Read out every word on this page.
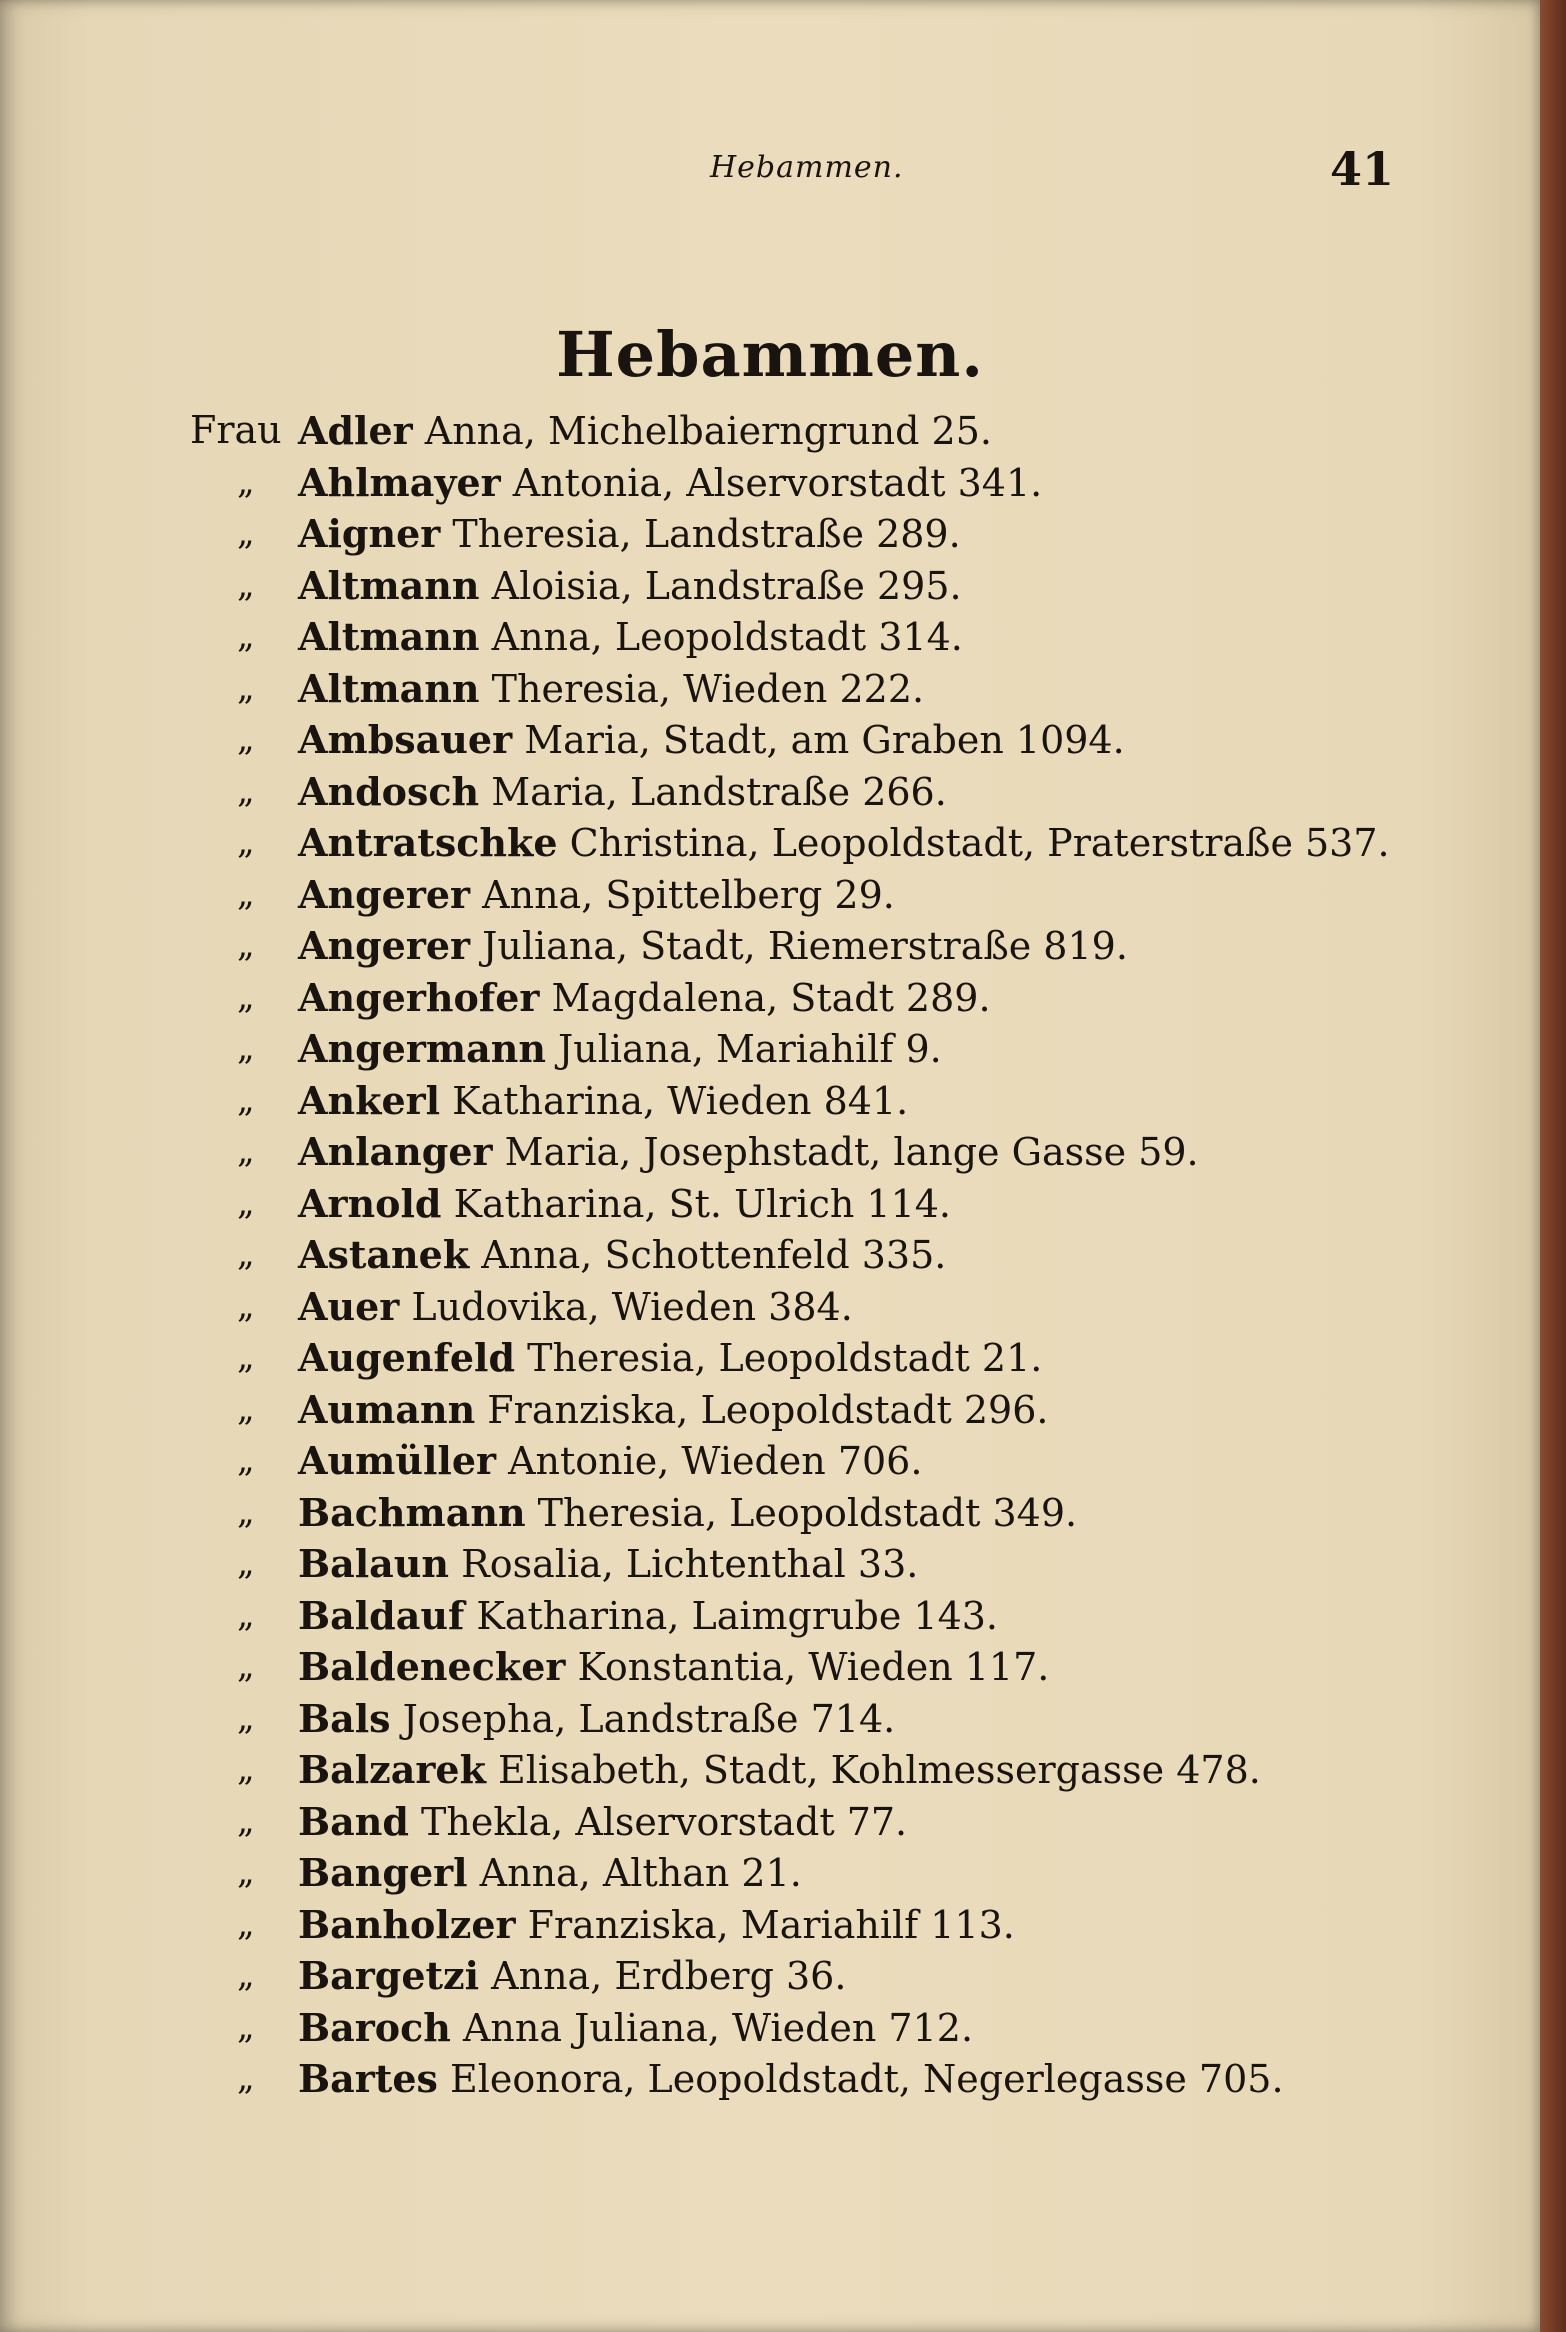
Hebammen.	41
Hebammen.
Frau Adler Anna, Michelbaierngrund 25.
„ Ahlmayer Antonia, Alservorstadt 341.
„ Aigner Theresia, Landstraße 289.
„ Altmann Aloisia, Landstraße 295.
„ Altmann Anna, Leopoldstadt 314.
„ Altmann Theresia, Wieden 222.
„ Ambsauer Maria, Stadt, am Graben 1094.
„ Andosch Maria, Landstraße 266.
„ Antratschke Christina, Leopoldstadt, Praterstraße 537.
„ Angerer Anna, Spittelberg 29.
„ Angerer Juliana, Stadt, Riemerstraße 819.
„ Angerhofer Magdalena, Stadt 289.
„ Angermann Juliana, Mariahilf 9.
„ Ankerl Katharina, Wieden 841.
„ Anlanger Maria, Josephstadt, lange Gasse 59.
„ Arnold Katharina, St. Ulrich 114.
„ Astanek Anna, Schottenfeld 335.
„ Auer Ludovika, Wieden 384.
„ Augenfeld Theresia, Leopoldstadt 21.
„ Aumann Franziska, Leopoldstadt 296.
„ Aumüller Antonie, Wieden 706.
„ Bachmann Theresia, Leopoldstadt 349.
„ Balaun Rosalia, Lichtenthal 33.
„ Baldauf Katharina, Laimgrube 143.
„ Baldenecker Konstantia, Wieden 117.
„ Bals Josepha, Landstraße 714.
„ Balzarek Elisabeth, Stadt, Kohlmessergasse 478.
„ Band Thekla, Alservorstadt 77.
„ Bangerl Anna, Althan 21.
„ Banholzer Franziska, Mariahilf 113.
„ Bargetzi Anna, Erdberg 36.
„ Baroch Anna Juliana, Wieden 712.
„ Bartes Eleonora, Leopoldstadt, Negerlegasse 705.
